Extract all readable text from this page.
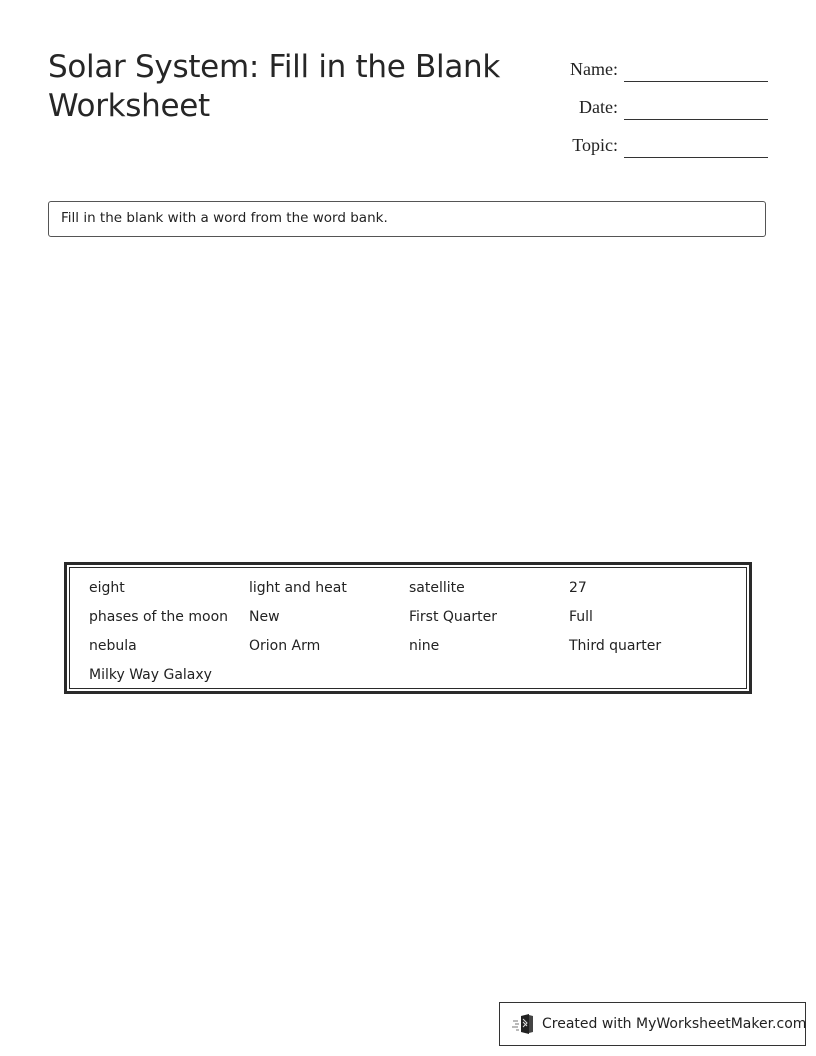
Solar System: Fill in the Blank Worksheet
Name:
Date:
Topic:
Fill in the blank with a word from the word bank.
eight	light and heat	satellite	27
phases of the moon	New	First Quarter	Full
nebula	Orion Arm	nine	Third quarter
Milky Way Galaxy
Created with MyWorksheetMaker.com
